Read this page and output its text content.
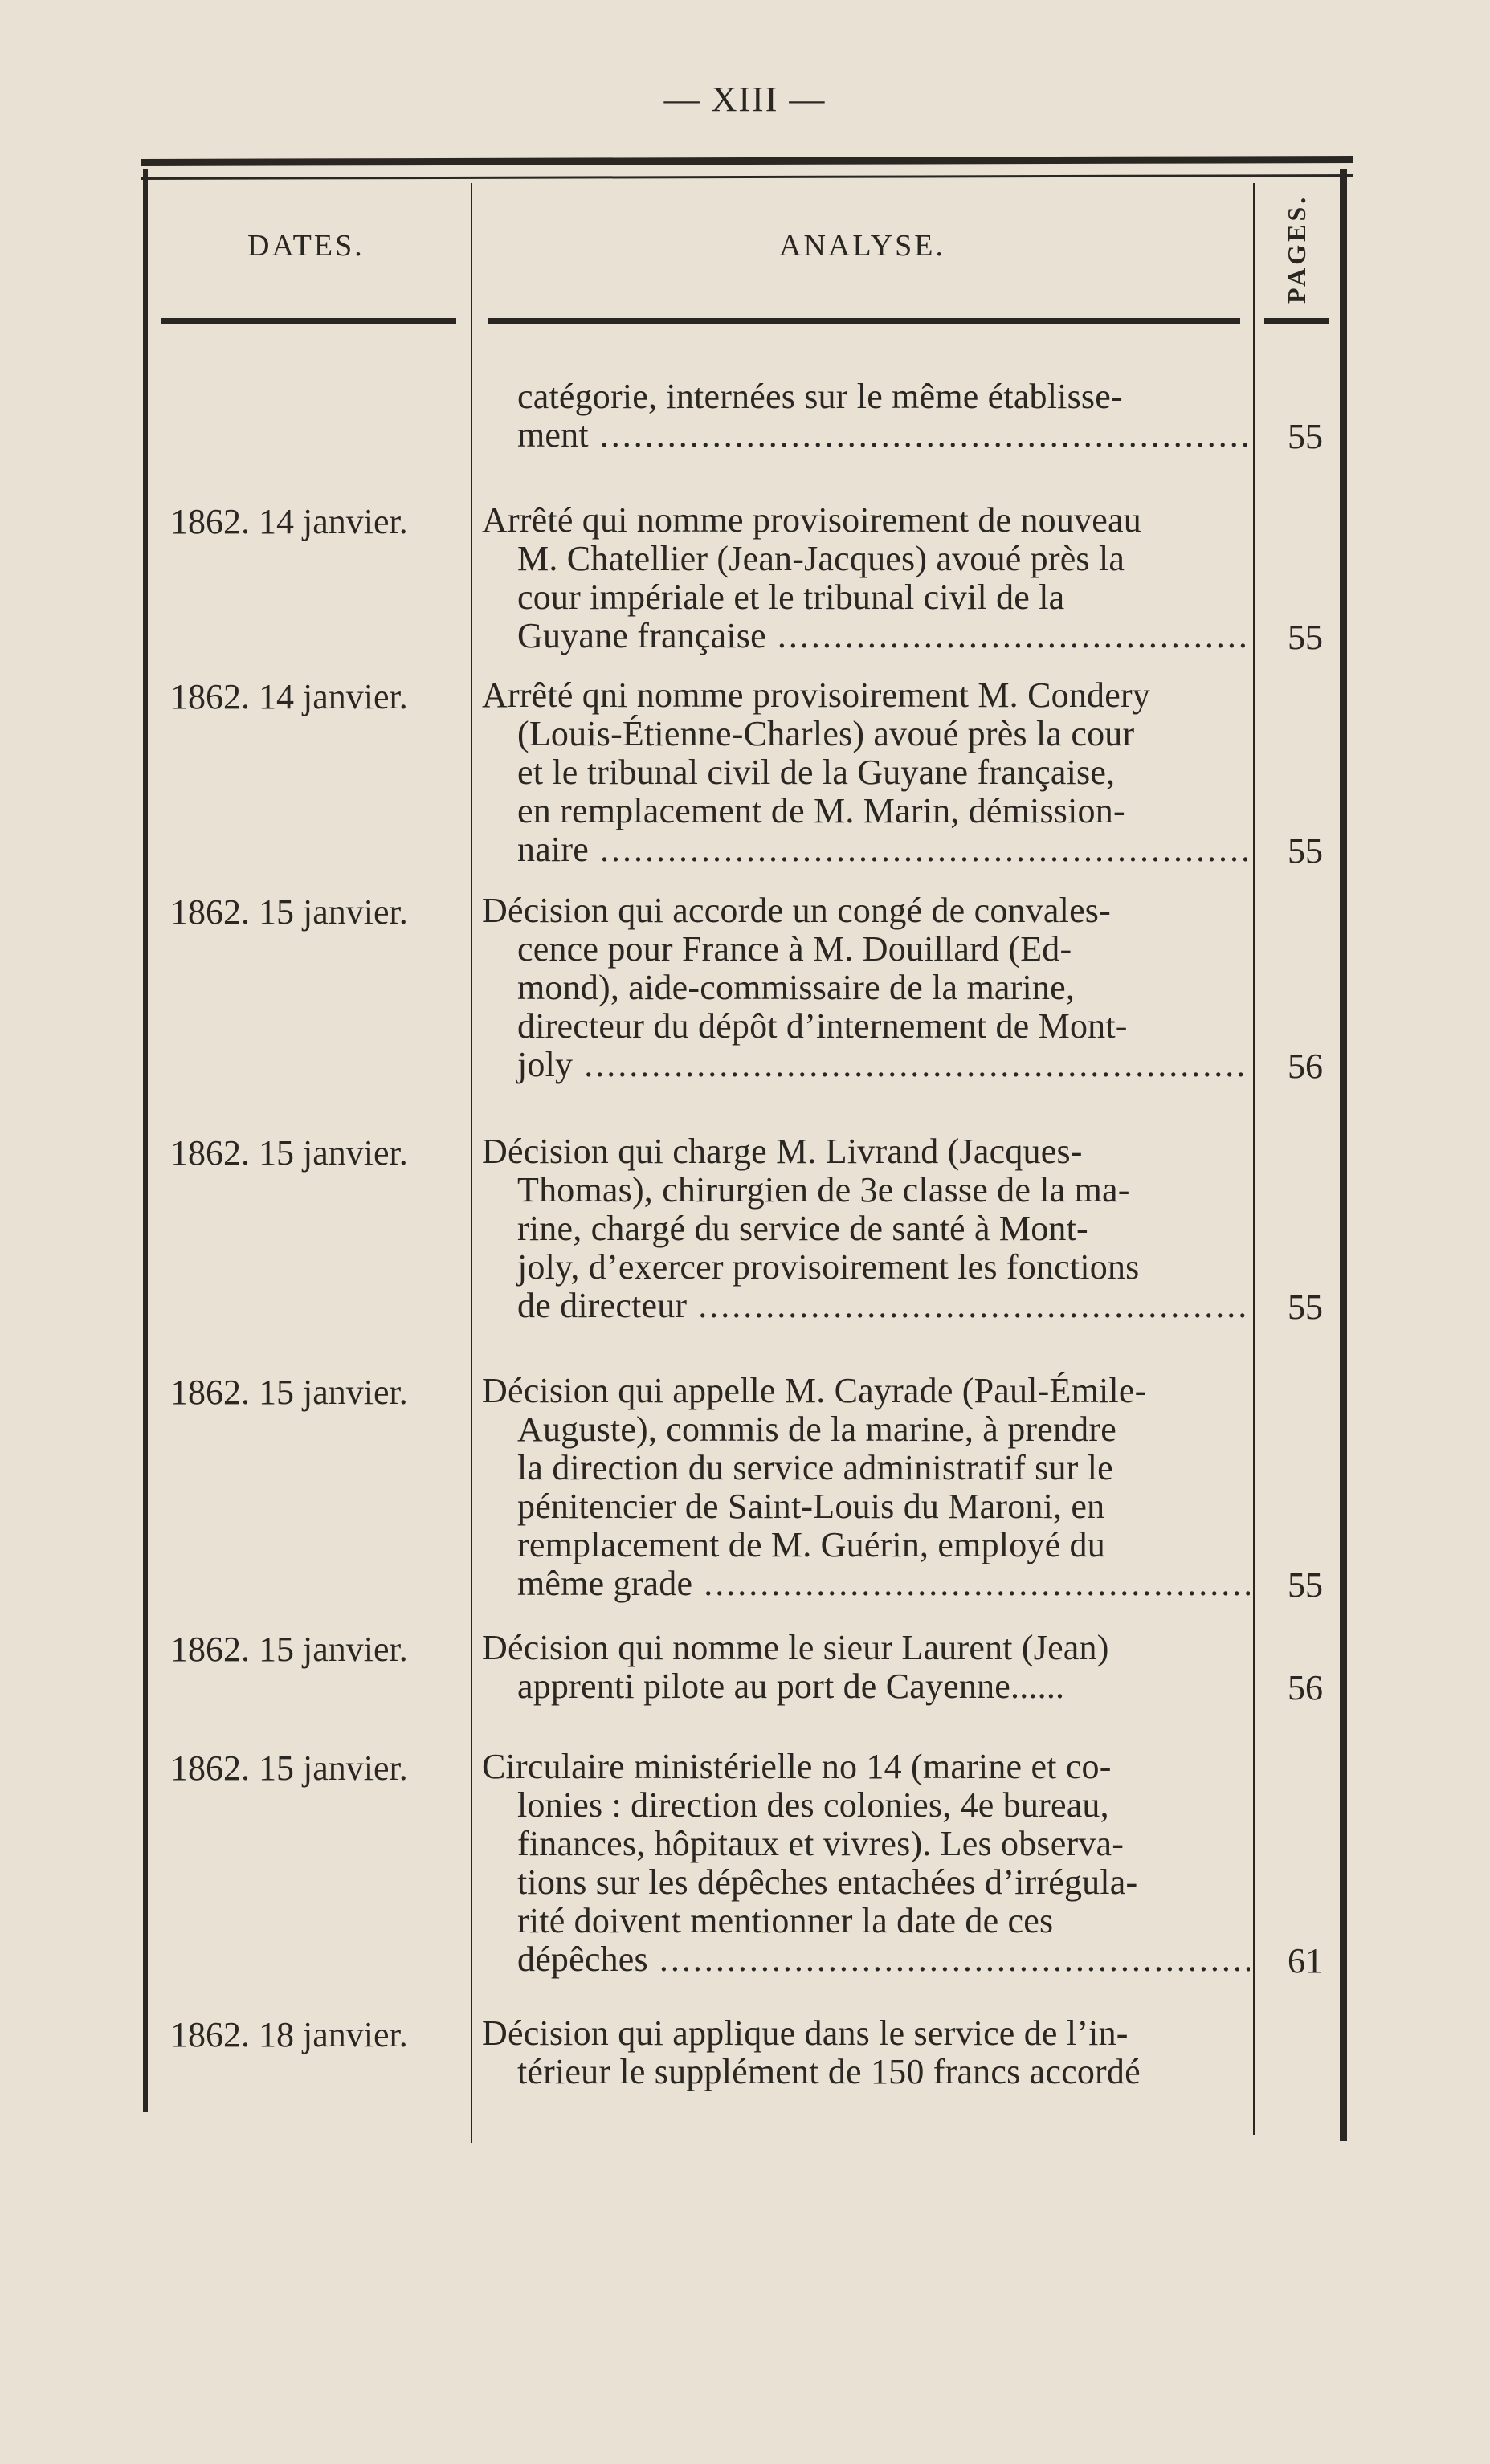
— XIII —
DATES.	ANALYSE.	PAGES.
catégorie, internées sur le même établisse-
ment .....	55
1862. 14 janvier.	Arrêté qui nomme provisoirement de nouveau
M. Chatellier (Jean-Jacques) avoué près la
cour impériale et le tribunal civil de la
Guyane française .....	55
1862. 14 janvier.	Arrêté qni nomme provisoirement M. Condery
(Louis-Étienne-Charles) avoué près la cour
et le tribunal civil de la Guyane française,
en remplacement de M. Marin, démission-
naire .....	55
1862. 15 janvier.	Décision qui accorde un congé de convales-
cence pour France à M. Douillard (Ed-
mond), aide-commissaire de la marine,
directeur du dépôt d’internement de Mont-
joly .....	56
1862. 15 janvier.	Décision qui charge M. Livrand (Jacques-
Thomas), chirurgien de 3e classe de la ma-
rine, chargé du service de santé à Mont-
joly, d’exercer provisoirement les fonctions
de directeur .....	55
1862. 15 janvier.	Décision qui appelle M. Cayrade (Paul-Émile-
Auguste), commis de la marine, à prendre
la direction du service administratif sur le
pénitencier de Saint-Louis du Maroni, en
remplacement de M. Guérin, employé du
même grade .....	55
1862. 15 janvier.	Décision qui nomme le sieur Laurent (Jean)
apprenti pilote au port de Cayenne......	56
1862. 15 janvier.	Circulaire ministérielle no 14 (marine et co-
lonies : direction des colonies, 4e bureau,
finances, hôpitaux et vivres). Les observa-
tions sur les dépêches entachées d’irrégula-
rité doivent mentionner la date de ces
dépêches .....	61
1862. 18 janvier.	Décision qui applique dans le service de l’in-
térieur le supplément de 150 francs accordé
